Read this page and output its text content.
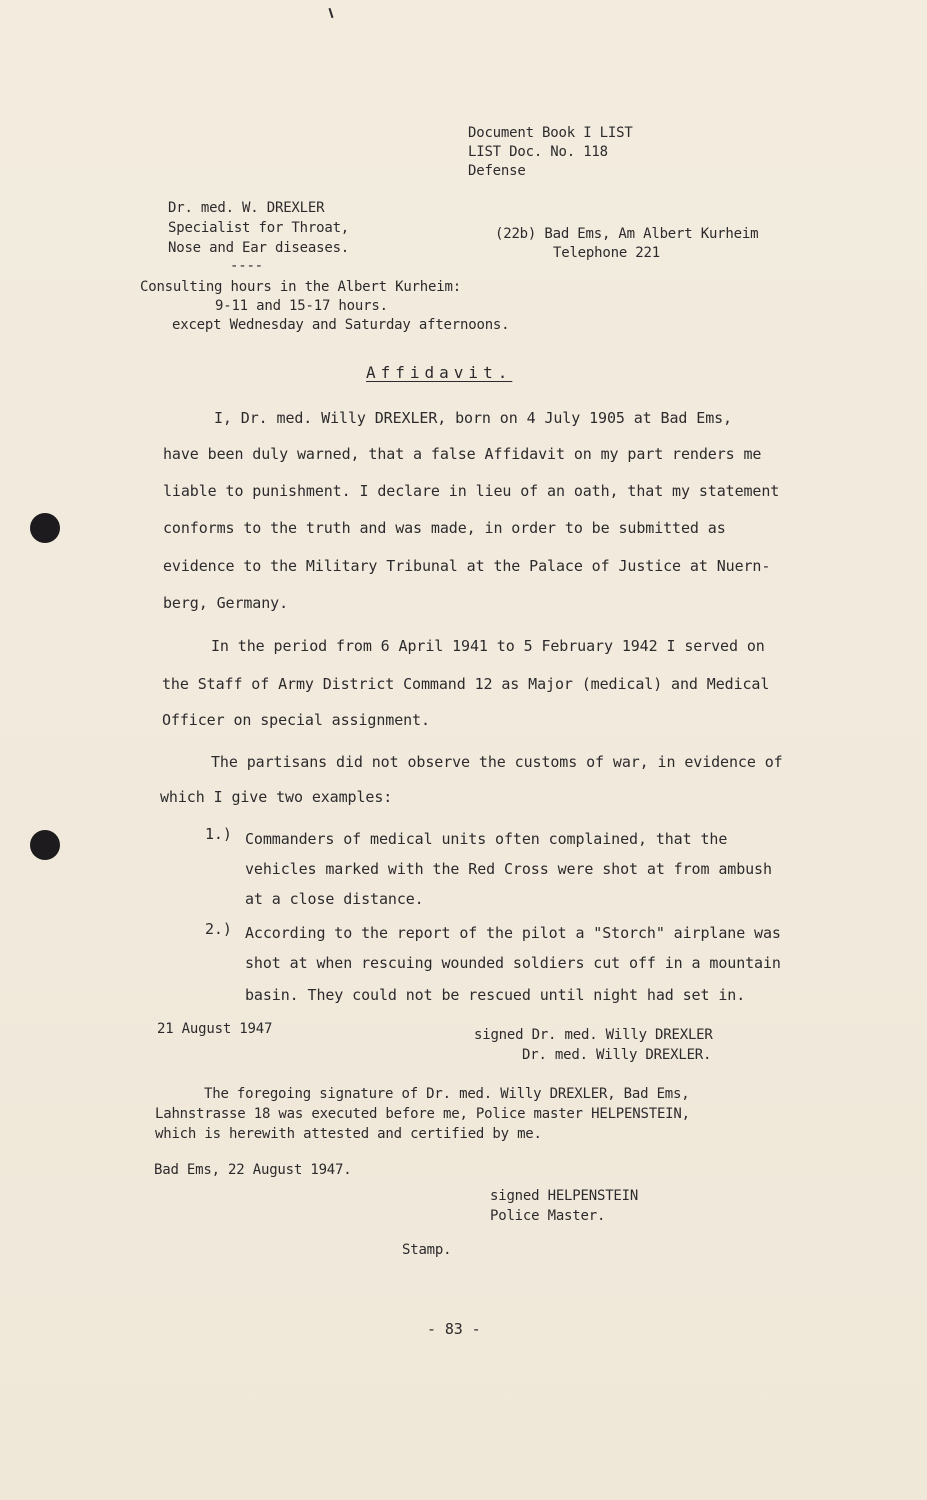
Document Book I LIST

LIST Doc. No. 118

Defense

Dr. med. W. DREXLER

Specialist for Throat,

Nose and Ear diseases.

(22b) Bad Ems, Am Albert Kurheim

Telephone 221

----

Consulting hours in the Albert Kurheim:

9-11 and 15-17 hours.

except Wednesday and Saturday afternoons.

Affidavit.

I, Dr. med. Willy DREXLER, born on 4 July 1905 at Bad Ems,

have been duly warned, that a false Affidavit on my part renders me

liable to punishment. I declare in lieu of an oath, that my statement

conforms to the truth and was made, in order to be submitted as

evidence to the Military Tribunal at the Palace of Justice at Nuern-

berg, Germany.

In the period from 6 April 1941 to 5 February 1942 I served on

the Staff of Army District Command 12 as Major (medical) and Medical

Officer on special assignment.

The partisans did not observe the customs of war, in evidence of

which I give two examples:

1.) Commanders of medical units often complained, that the

vehicles marked with the Red Cross were shot at from ambush

at a close distance.

2.) According to the report of the pilot a "Storch" airplane was

shot at when rescuing wounded soldiers cut off in a mountain

basin. They could not be rescued until night had set in.

21 August 1947	signed Dr. med. Willy DREXLER

Dr. med. Willy DREXLER.

The foregoing signature of Dr. med. Willy DREXLER, Bad Ems,

Lahnstrasse 18 was executed before me, Police master HELPENSTEIN,

which is herewith attested and certified by me.

Bad Ems, 22 August 1947.

signed HELPENSTEIN

Police Master.

Stamp.

- 83 -
